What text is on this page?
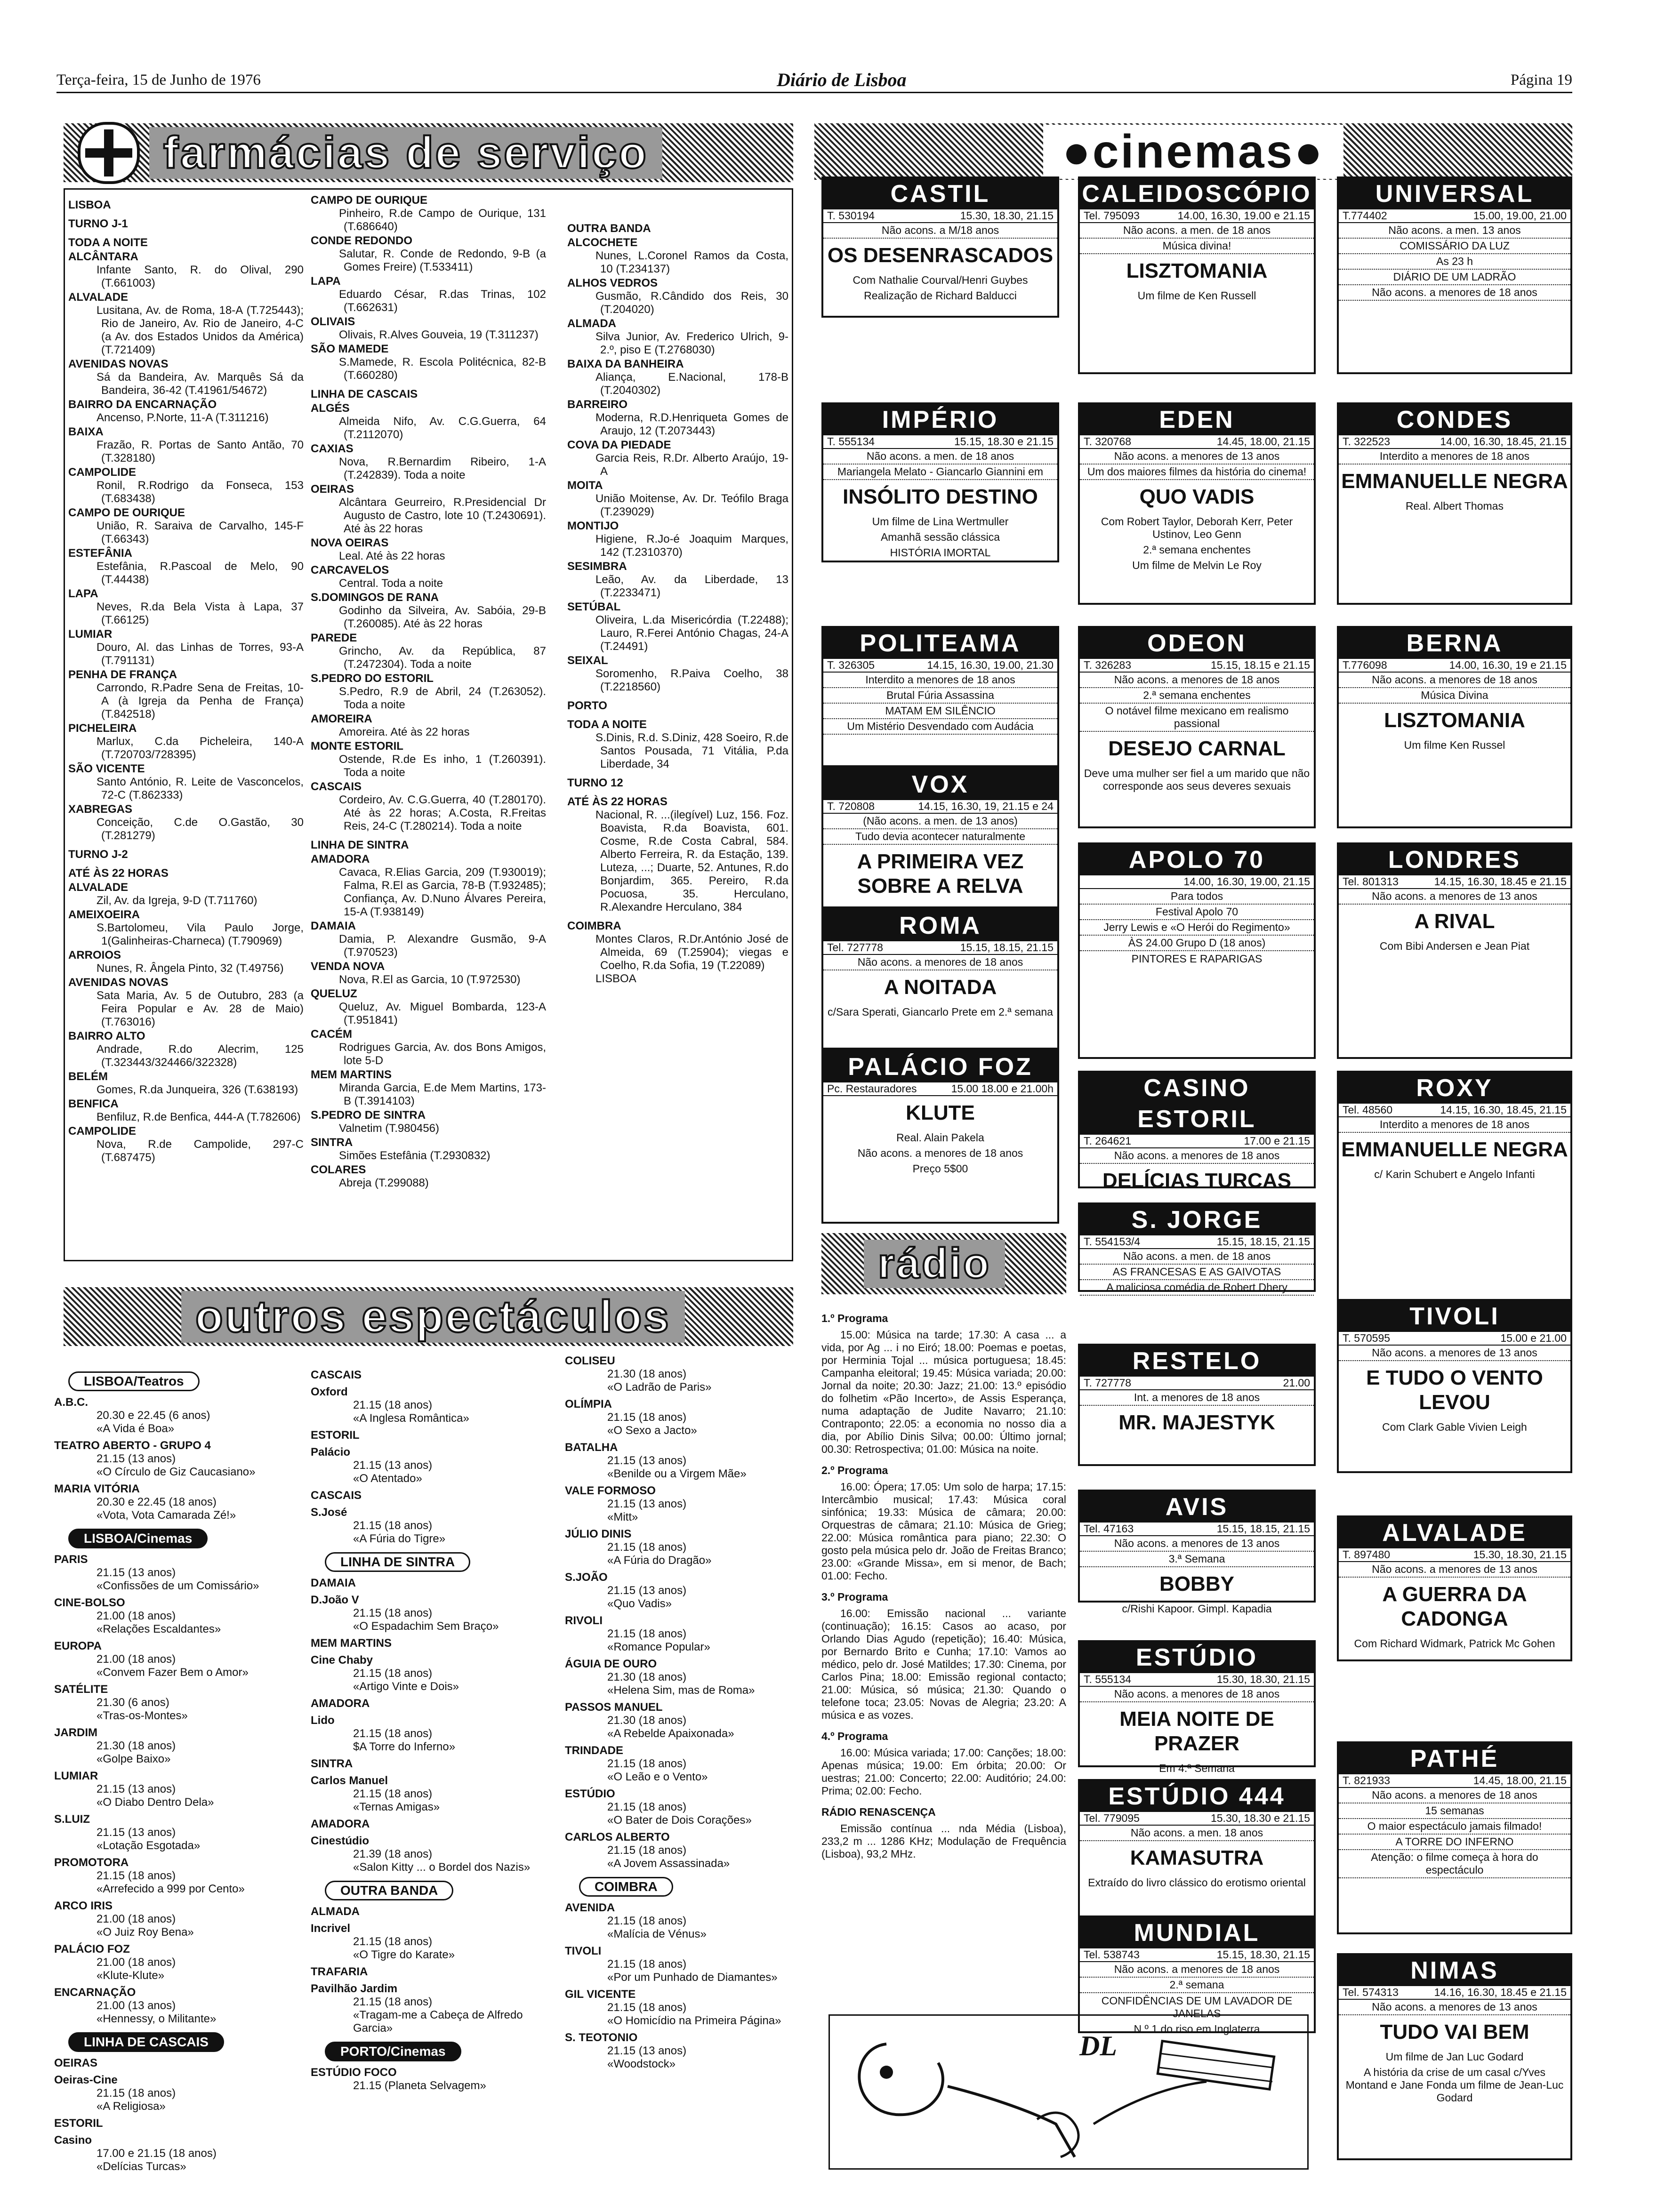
Terça-feira, 15 de Junho de 1976	Diário de Lisboa	Página 19
farmácias de serviço
LISBOA
TURNO J-1
TODA A NOITE
ALCÂNTARA
Infante Santo, R. do Olival, 290 (T.661003)
ALVALADE
Lusitana, Av. de Roma, 18-A (T.725443); Rio de Janeiro, Av. Rio de Janeiro, 4-C (a Av. dos Estados Unidos da América) (T.721409)
AVENIDAS NOVAS
Sá da Bandeira, Av. Marquês Sá da Bandeira, 36-42 (T.41961/54672)
BAIRRO DA ENCARNAÇÃO
Ancenso, P.Norte, 11-A (T.311216)
BAIXA
Frazão, R. Portas de Santo Antão, 70 (T.328180)
CAMPOLIDE
Ronil, R.Rodrigo da Fonseca, 153 (T.683438)
CAMPO DE OURIQUE
União, R. Saraiva de Carvalho, 145-F (T.66343)
ESTEFÂNIA
Estefânia, R.Pascoal de Melo, 90 (T.44438)
LAPA
Neves, R.da Bela Vista à Lapa, 37 (T.66125)
LUMIAR
Douro, Al. das Linhas de Torres, 93-A (T.791131)
PENHA DE FRANÇA
Carrondo, R.Padre Sena de Freitas, 10-A (à Igreja da Penha de França) (T.842518)
PICHELEIRA
Marlux, C.da Picheleira, 140-A (T.720703/728395)
SÃO VICENTE
Santo António, R. Leite de Vasconcelos, 72-C (T.862333)
XABREGAS
Conceição, C.de O.Gastão, 30 (T.281279)
TURNO J-2
ATÉ ÀS 22 HORAS
ALVALADE
Zil, Av. da Igreja, 9-D (T.711760)
AMEIXOEIRA
S.Bartolomeu, Vila Paulo Jorge, 1(Galinheiras-Charneca) (T.790969)
ARROIOS
Nunes, R. Ângela Pinto, 32 (T.49756)
AVENIDAS NOVAS
Sata Maria, Av. 5 de Outubro, 283 (a Feira Popular e Av. 28 de Maio) (T.763016)
BAIRRO ALTO
Andrade, R.do Alecrim, 125 (T.323443/324466/322328)
BELÉM
Gomes, R.da Junqueira, 326 (T.638193)
BENFICA
Benfiluz, R.de Benfica, 444-A (T.782606)
CAMPOLIDE
Nova, R.de Campolide, 297-C (T.687475)
CAMPO DE OURIQUE
Pinheiro, R.de Campo de Ourique, 131 (T.686640)
CONDE REDONDO
Salutar, R. Conde de Redondo, 9-B (a Gomes Freire) (T.533411)
LAPA
Eduardo César, R.das Trinas, 102 (T.662631)
OLIVAIS
Olivais, R.Alves Gouveia, 19 (T.311237)
SÃO MAMEDE
S.Mamede, R. Escola Politécnica, 82-B (T.660280)
LINHA DE CASCAIS
ALGÉS
Almeida Nifo, Av. C.G.Guerra, 64 (T.2112070)
CAXIAS
Nova, R.Bernardim Ribeiro, 1-A (T.242839). Toda a noite
OEIRAS
Alcântara Geurreiro, R.Presidencial Dr Augusto de Castro, lote 10 (T.2430691). Até às 22 horas
NOVA OEIRAS
Leal. Até às 22 horas
CARCAVELOS
Central. Toda a noite
S.DOMINGOS DE RANA
Godinho da Silveira, Av. Sabóia, 29-B (T.260085). Até às 22 horas
PAREDE
Grincho, Av. da República, 87 (T.2472304). Toda a noite
S.PEDRO DO ESTORIL
S.Pedro, R.9 de Abril, 24 (T.263052). Toda a noite
AMOREIRA
Amoreira. Até às 22 horas
MONTE ESTORIL
Ostende, R.de Es inho, 1 (T.260391). Toda a noite
CASCAIS
Cordeiro, Av. C.G.Guerra, 40 (T.280170). Até às 22 horas; A.Costa, R.Freitas Reis, 24-C (T.280214). Toda a noite
LINHA DE SINTRA
AMADORA
Cavaca, R.Elias Garcia, 209 (T.930019); Falma, R.El as Garcia, 78-B (T.932485); Confiança, Av. D.Nuno Álvares Pereira, 15-A (T.938149)
DAMAIA
Damia, P. Alexandre Gusmão, 9-A (T.970523)
VENDA NOVA
Nova, R.El as Garcia, 10 (T.972530)
QUELUZ
Queluz, Av. Miguel Bombarda, 123-A (T.951841)
CACÉM
Rodrigues Garcia, Av. dos Bons Amigos, lote 5-D
MEM MARTINS
Miranda Garcia, E.de Mem Martins, 173-B (T.3914103)
S.PEDRO DE SINTRA
Valnetim (T.980456)
SINTRA
Simões Estefânia (T.2930832)
COLARES
Abreja (T.299088)
OUTRA BANDA
ALCOCHETE
Nunes, L.Coronel Ramos da Costa, 10 (T.234137)
ALHOS VEDROS
Gusmão, R.Cândido dos Reis, 30 (T.204020)
ALMADA
Silva Junior, Av. Frederico Ulrich, 9-2.º, piso E (T.2768030)
BAIXA DA BANHEIRA
Aliança, E.Nacional, 178-B (T.2040302)
BARREIRO
Moderna, R.D.Henriqueta Gomes de Araujo, 12 (T.2073443)
COVA DA PIEDADE
Garcia Reis, R.Dr. Alberto Araújo, 19-A
MOITA
União Moitense, Av. Dr. Teófilo Braga (T.239029)
MONTIJO
Higiene, R.Jo-é Joaquim Marques, 142 (T.2310370)
SESIMBRA
Leão, Av. da Liberdade, 13 (T.2233471)
SETÚBAL
Oliveira, L.da Misericórdia (T.22488); Lauro, R.Ferei António Chagas, 24-A (T.24491)
SEIXAL
Soromenho, R.Paiva Coelho, 38 (T.2218560)
PORTO
TODA A NOITE
S.Dinis, R.d. S.Diniz, 428 Soeiro, R.de Santos Pousada, 71 Vitália, P.da Liberdade, 34
TURNO 12
ATÉ ÀS 22 HORAS
Nacional, R. ...(ilegível) Luz, 156. Foz. Boavista, R.da Boavista, 601. Cosme, R.de Costa Cabral, 584. Alberto Ferreira, R. da Estação, 139. Luteza, ...; Duarte, 52. Antunes, R.do Bonjardim, 365. Pereiro, R.da Pocuosa, 35. Herculano, R.Alexandre Herculano, 384
COIMBRA
Montes Claros, R.Dr.António José de Almeida, 69 (T.25904); viegas e Coelho, R.da Sofia, 19 (T.22089)
LISBOA
outros espectáculos
LISBOA/Teatros
A.B.C.
20.30 e 22.45 (6 anos)
«A Vida é Boa»
TEATRO ABERTO - GRUPO 4
21.15 (13 anos)
«O Círculo de Giz Caucasiano»
MARIA VITÓRIA
20.30 e 22.45 (18 anos)
«Vota, Vota Camarada Zé!»
LISBOA/Cinemas
PARIS
21.15 (13 anos)
«Confissões de um Comissário»
CINE-BOLSO
21.00 (18 anos)
«Relações Escaldantes»
EUROPA
21.00 (18 anos)
«Convem Fazer Bem o Amor»
SATÉLITE
21.30 (6 anos)
«Tras-os-Montes»
JARDIM
21.30 (18 anos)
«Golpe Baixo»
LUMIAR
21.15 (13 anos)
«O Diabo Dentro Dela»
S.LUIZ
21.15 (13 anos)
«Lotação Esgotada»
PROMOTORA
21.15 (18 anos)
«Arrefecido a 999 por Cento»
ARCO IRIS
21.00 (18 anos)
«O Juiz Roy Bena»
PALÁCIO FOZ
21.00 (18 anos)
«Klute-Klute»
ENCARNAÇÃO
21.00 (13 anos)
«Hennessy, o Militante»
LINHA DE CASCAIS
OEIRAS
Oeiras-Cine
21.15 (18 anos)
«A Religiosa»
ESTORIL
Casino
17.00 e 21.15 (18 anos)
«Delícias Turcas»
CASCAIS
Oxford
21.15 (18 anos)
«A Inglesa Romântica»
ESTORIL
Palácio
21.15 (13 anos)
«O Atentado»
CASCAIS
S.José
21.15 (18 anos)
«A Fúria do Tigre»
LINHA DE SINTRA
DAMAIA
D.João V
21.15 (18 anos)
«O Espadachim Sem Braço»
MEM MARTINS
Cine Chaby
21.15 (18 anos)
«Artigo Vinte e Dois»
AMADORA
Lido
21.15 (18 anos)
$A Torre do Inferno»
SINTRA
Carlos Manuel
21.15 (18 anos)
«Ternas Amigas»
AMADORA
Cinestúdio
21.39 (18 anos)
«Salon Kitty ... o Bordel dos Nazis»
OUTRA BANDA
ALMADA
Incrivel
21.15 (18 anos)
«O Tigre do Karate»
TRAFARIA
Pavilhão Jardim
21.15 (18 anos)
«Tragam-me a Cabeça de Alfredo Garcia»
PORTO/Cinemas
ESTÚDIO FOCO
21.15 (Planeta Selvagem»
COLISEU
21.30 (18 anos)
«O Ladrão de Paris»
OLÍMPIA
21.15 (18 anos)
«O Sexo a Jacto»
BATALHA
21.15 (13 anos)
«Benilde ou a Virgem Mãe»
VALE FORMOSO
21.15 (13 anos)
«Mitt»
JÚLIO DINIS
21.15 (18 anos)
«A Fúria do Dragão»
S.JOÃO
21.15 (13 anos)
«Quo Vadis»
RIVOLI
21.15 (18 anos)
«Romance Popular»
ÁGUIA DE OURO
21.30 (18 anos)
«Helena Sim, mas de Roma»
PASSOS MANUEL
21.30 (18 anos)
«A Rebelde Apaixonada»
TRINDADE
21.15 (18 anos)
«O Leão e o Vento»
ESTÚDIO
21.15 (18 anos)
«O Bater de Dois Corações»
CARLOS ALBERTO
21.15 (18 anos)
«A Jovem Assassinada»
COIMBRA
AVENIDA
21.15 (18 anos)
«Malícia de Vénus»
TIVOLI
21.15 (18 anos)
«Por um Punhado de Diamantes»
GIL VICENTE
21.15 (18 anos)
«O Homicídio na Primeira Página»
S. TEOTONIO
21.15 (13 anos)
«Woodstock»
●cinemas●
CASTIL
T. 530194	15.30, 18.30, 21.15
Não acons. a M/18 anos
OS DESENRASCADOS
Com Nathalie Courval/Henri Guybes
Realização de Richard Balducci
IMPÉRIO
T. 555134	15.15, 18.30 e 21.15
Não acons. a men. de 18 anos
Mariangela Melato - Giancarlo Giannini em
INSÓLITO DESTINO
Um filme de Lina Wertmuller
Amanhã sessão clássica
HISTÓRIA IMORTAL
POLITEAMA
T. 326305	14.15, 16.30, 19.00, 21.30
Interdito a menores de 18 anos
Brutal Fúria Assassina
MATAM EM SILÊNCIO
Um Mistério Desvendado com Audácia
VOX
T. 720808	14.15, 16.30, 19, 21.15 e 24
(Não acons. a men. de 13 anos)
Tudo devia acontecer naturalmente
A PRIMEIRA VEZ SOBRE A RELVA
ROMA
Tel. 727778	15.15, 18.15, 21.15
Não acons. a menores de 18 anos
A NOITADA
c/Sara Sperati, Giancarlo Prete em 2.ª semana
PALÁCIO FOZ
Pc. Restauradores	15.00 18.00 e 21.00h
KLUTE
Real. Alain Pakela
Não acons. a menores de 18 anos
Preço 5$00
CALEIDOSCÓPIO
Tel. 795093	14.00, 16.30, 19.00 e 21.15
Não acons. a men. de 18 anos
Música divina!
LISZTOMANIA
Um filme de Ken Russell
EDEN
T. 320768	14.45, 18.00, 21.15
Não acons. a menores de 13 anos
Um dos maiores filmes da história do cinema!
QUO VADIS
Com Robert Taylor, Deborah Kerr, Peter Ustinov, Leo Genn
2.ª semana enchentes
Um filme de Melvin Le Roy
ODEON
T. 326283	15.15, 18.15 e 21.15
Não acons. a menores de 18 anos
2.ª semana enchentes
O notável filme mexicano em realismo passional
DESEJO CARNAL
Deve uma mulher ser fiel a um marido que não corresponde aos seus deveres sexuais
APOLO 70
14.00, 16.30, 19.00, 21.15
Para todos
Festival Apolo 70
Jerry Lewis e «O Herói do Regimento»
ÀS 24.00 Grupo D (18 anos)
PINTORES E RAPARIGAS
CASINO ESTORIL
T. 264621	17.00 e 21.15
Não acons. a menores de 18 anos
DELÍCIAS TURCAS
S. JORGE
T. 554153/4	15.15, 18.15, 21.15
Não acons. a men. de 18 anos
AS FRANCESAS E AS GAIVOTAS
A maliciosa comédia de Robert Dhery
RESTELO
T. 727778	21.00
Int. a menores de 18 anos
MR. MAJESTYK
AVIS
Tel. 47163	15.15, 18.15, 21.15
Não acons. a menores de 13 anos
3.ª Semana
BOBBY
c/Rishi Kapoor. Gimpl. Kapadia
ESTÚDIO
T. 555134	15.30, 18.30, 21.15
Não acons. a menores de 18 anos
MEIA NOITE DE PRAZER
Em 4.ª Semana
ESTÚDIO 444
Tel. 779095	15.30, 18.30 e 21.15
Não acons. a men. 18 anos
KAMASUTRA
Extraído do livro clássico do erotismo oriental
MUNDIAL
Tel. 538743	15.15, 18.30, 21.15
Não acons. a menores de 18 anos
2.ª semana
CONFIDÊNCIAS DE UM LAVADOR DE JANELAS
N.º 1 do riso em Inglaterra
UNIVERSAL
T.774402	15.00, 19.00, 21.00
Não acons. a men. 13 anos
COMISSÁRIO DA LUZ
As 23 h
DIÁRIO DE UM LADRÃO
Não acons. a menores de 18 anos
CONDES
T. 322523	14.00, 16.30, 18.45, 21.15
Interdito a menores de 18 anos
EMMANUELLE NEGRA
Real. Albert Thomas
BERNA
T.776098	14.00, 16.30, 19 e 21.15
Não acons. a menores de 18 anos
Música Divina
LISZTOMANIA
Um filme Ken Russel
LONDRES
Tel. 801313	14.15, 16.30, 18.45 e 21.15
Não acons. a menores de 13 anos
A RIVAL
Com Bibi Andersen e Jean Piat
ROXY
Tel. 48560	14.15, 16.30, 18.45, 21.15
Interdito a menores de 18 anos
EMMANUELLE NEGRA
c/ Karin Schubert e Angelo Infanti
TIVOLI
T. 570595	15.00 e 21.00
Não acons. a menores de 13 anos
E TUDO O VENTO LEVOU
Com Clark Gable Vivien Leigh
ALVALADE
T. 897480	15.30, 18.30, 21.15
Não acons. a menores de 13 anos
A GUERRA DA CADONGA
Com Richard Widmark, Patrick Mc Gohen
PATHÉ
T. 821933	14.45, 18.00, 21.15
Não acons. a menores de 18 anos
15 semanas
O maior espectáculo jamais filmado!
A TORRE DO INFERNO
Atenção: o filme começa à hora do espectáculo
NIMAS
Tel. 574313	14.16, 16.30, 18.45 e 21.15
Não acons. a menores de 13 anos
TUDO VAI BEM
Um filme de Jan Luc Godard
A história da crise de um casal c/Yves Montand e Jane Fonda um filme de Jean-Luc Godard
rádio
1.º Programa
15.00: Música na tarde; 17.30: A casa ... a vida, por Ag ... i no Eiró; 18.00: Poemas e poetas, por Herminia Tojal ... música portuguesa; 18.45: Campanha eleitoral; 19.45: Música variada; 20.00: Jornal da noite; 20.30: Jazz; 21.00: 13.º episódio do folhetim «Pão Incerto», de Assis Esperança, numa adaptação de Judite Navarro; 21.10: Contraponto; 22.05: a economia no nosso dia a dia, por Abílio Dinis Silva; 00.00: Último jornal; 00.30: Retrospectiva; 01.00: Música na noite.
2.º Programa
16.00: Ópera; 17.05: Um solo de harpa; 17.15: Intercâmbio musical; 17.43: Música coral sinfónica; 19.33: Música de câmara; 20.00: Orquestras de câmara; 21.10: Música de Grieg; 22.00: Música romântica para piano; 22.30: O gosto pela música pelo dr. João de Freitas Branco; 23.00: «Grande Missa», em si menor, de Bach; 01.00: Fecho.
3.º Programa
16.00: Emissão nacional ... variante (continuação); 16.15: Casos ao acaso, por Orlando Dias Agudo (repetição); 16.40: Música, por Bernardo Brito e Cunha; 17.10: Vamos ao médico, pelo dr. José Matildes; 17.30: Cinema, por Carlos Pina; 18.00: Emissão regional contacto; 21.00: Música, só música; 21.30: Quando o telefone toca; 23.05: Novas de Alegria; 23.20: A música e as vozes.
4.º Programa
16.00: Música variada; 17.00: Canções; 18.00: Apenas música; 19.00: Em órbita; 20.00: Or uestras; 21.00: Concerto; 22.00: Auditório; 24.00: Prima; 02.00: Fecho.
RÁDIO RENASCENÇA
Emissão contínua ... nda Média (Lisboa), 233,2 m ... 1286 KHz; Modulação de Frequência (Lisboa), 93,2 MHz.
DL
